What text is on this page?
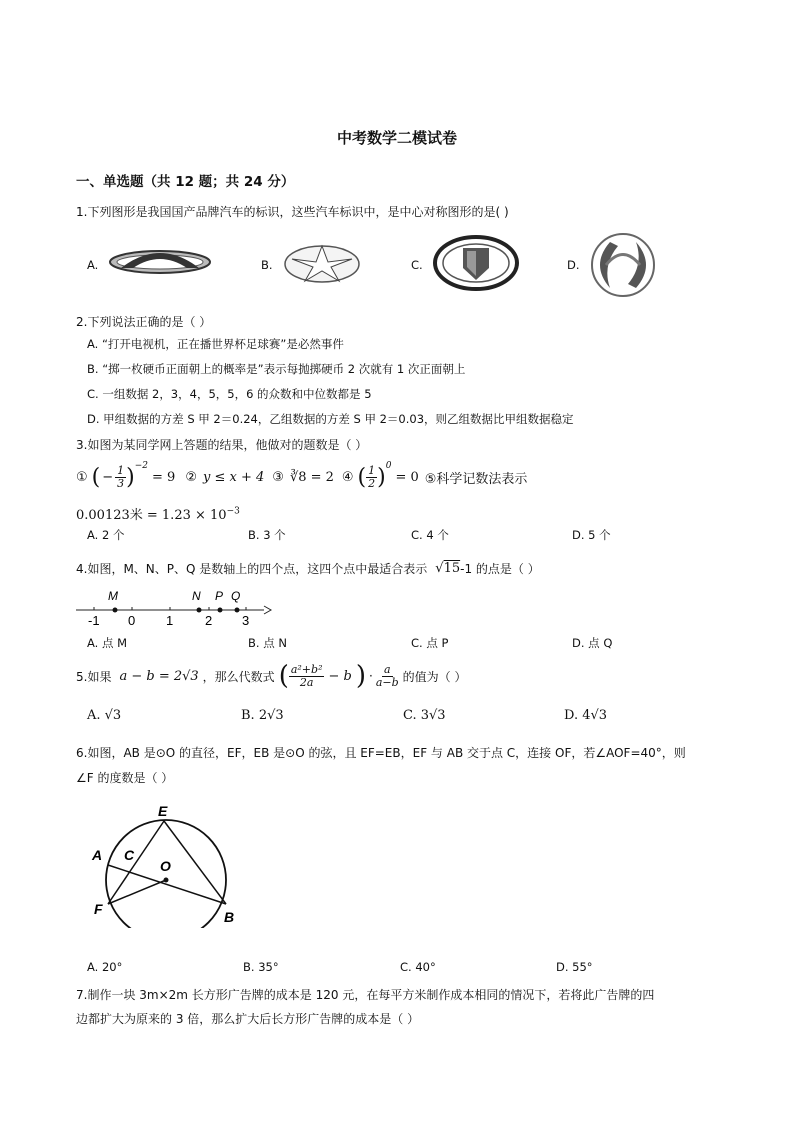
中考数学二模试卷
一、单选题（共 12 题；共 24 分）
1.下列图形是我国国产品牌汽车的标识，这些汽车标识中，是中心对称图形的是( )
A.	B.	C.	D.
2.下列说法正确的是（ ）
A. “打开电视机，正在播世界杯足球赛”是必然事件
B. “掷一枚硬币正面朝上的概率是”表示每抛掷硬币 2 次就有 1 次正面朝上
C. 一组数据 2，3，4，5，5，6 的众数和中位数都是 5
D. 甲组数据的方差 S 甲 2＝0.24，乙组数据的方差 S 甲 2＝0.03，则乙组数据比甲组数据稳定
3.如图为某同学网上答题的结果，他做对的题数是（ ）
① ( − $\frac{1}{3} )^{-2}$
= 9 ② y ≤ x + 4 ③ ∛8 = 2 ④ ( $\frac{1}{2} )^0$
= 0 ⑤科学记数法表示
0.00123米 = $1.23 \times 10^{-3}$
A. 2 个	B. 3 个	C. 4 个	D. 5 个
4.如图，M、N、P、Q 是数轴上的四个点，这四个点中最适合表示 √15 -1 的点是（ ）
-1 0 1 2 3
M	N P Q
A. 点 M	B. 点 N	C. 点 P	D. 点 Q
5.如果 a − b = 2√3 ，那么代数式 ( $\frac{\text{a²+b²}}{2a} - b$ ) · $\frac{a}{a-b}$ 的值为（ ）
A. √3	B. 2√3	C. 3√3	D. 4√3
6.如图，AB 是⊙O 的直径，EF，EB 是⊙O 的弦，且 EF=EB，EF 与 AB 交于点 C，连接 OF，若∠AOF=40°，则
∠F 的度数是（ ）
E
A C
O
F	B
A. 20°	B. 35°	C. 40°	D. 55°
7.制作一块 3m×2m 长方形广告牌的成本是 120 元，在每平方米制作成本相同的情况下，若将此广告牌的四
边都扩大为原来的 3 倍，那么扩大后长方形广告牌的成本是（ ）
